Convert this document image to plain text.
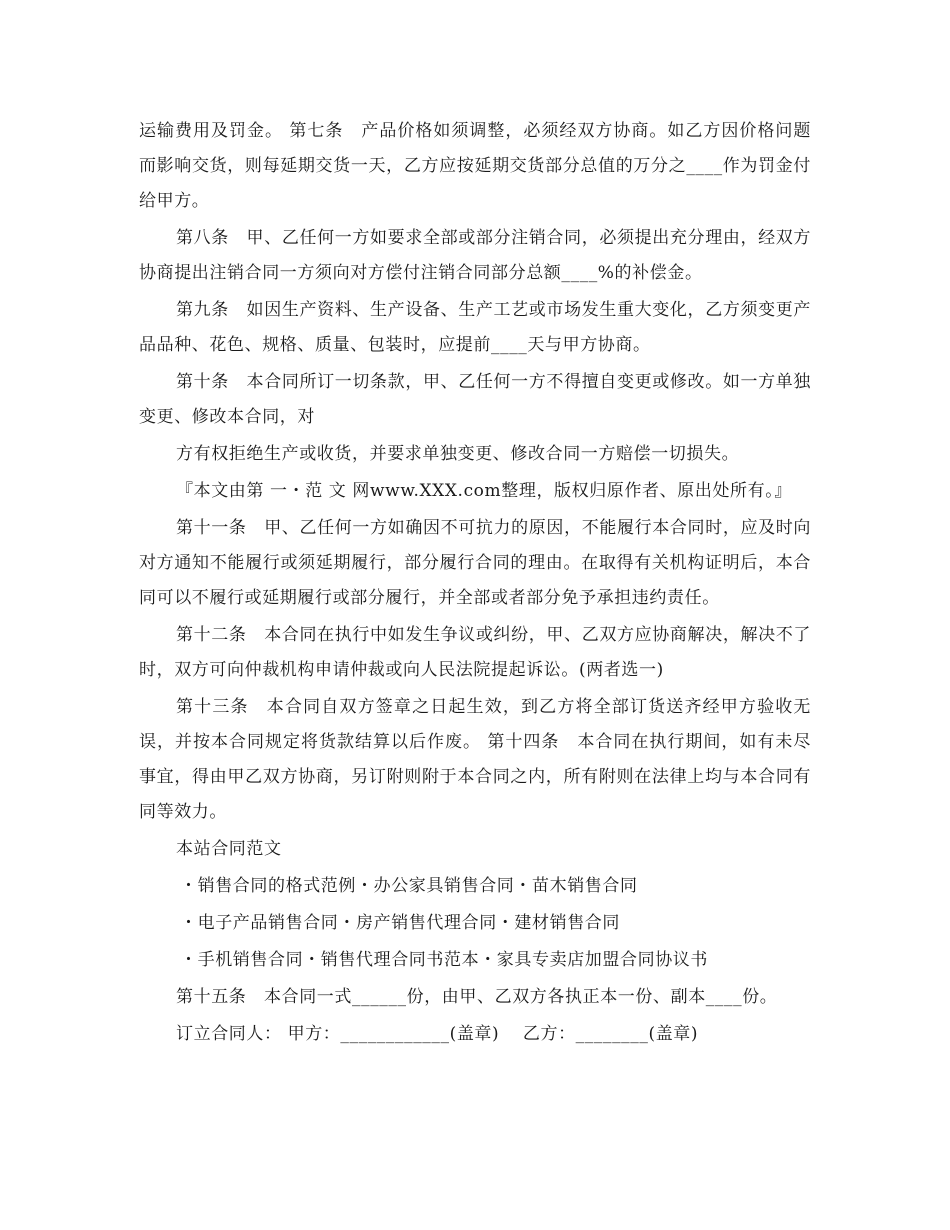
运输费用及罚金。 第七条　产品价格如须调整，必须经双方协商。如乙方因价格问题而影响交货，则每延期交货一天，乙方应按延期交货部分总值的万分之____作为罚金付给甲方。

第八条　甲、乙任何一方如要求全部或部分注销合同，必须提出充分理由，经双方协商提出注销合同一方须向对方偿付注销合同部分总额____%的补偿金。

第九条　如因生产资料、生产设备、生产工艺或市场发生重大变化，乙方须变更产品品种、花色、规格、质量、包装时，应提前____天与甲方协商。

第十条　本合同所订一切条款，甲、乙任何一方不得擅自变更或修改。如一方单独变更、修改本合同，对

方有权拒绝生产或收货，并要求单独变更、修改合同一方赔偿一切损失。

『本文由第 一・范 文 网www.XXX.com整理，版权归原作者、原出处所有。』

第十一条　甲、乙任何一方如确因不可抗力的原因，不能履行本合同时，应及时向对方通知不能履行或须延期履行，部分履行合同的理由。在取得有关机构证明后，本合同可以不履行或延期履行或部分履行，并全部或者部分免予承担违约责任。

第十二条　本合同在执行中如发生争议或纠纷，甲、乙双方应协商解决，解决不了时，双方可向仲裁机构申请仲裁或向人民法院提起诉讼。(两者选一)

第十三条　本合同自双方签章之日起生效，到乙方将全部订货送齐经甲方验收无误，并按本合同规定将货款结算以后作废。 第十四条　本合同在执行期间，如有未尽事宜，得由甲乙双方协商，另订附则附于本合同之内，所有附则在法律上均与本合同有同等效力。

本站合同范文

・销售合同的格式范例・办公家具销售合同・苗木销售合同

・电子产品销售合同・房产销售代理合同・建材销售合同

・手机销售合同・销售代理合同书范本・家具专卖店加盟合同协议书

第十五条　本合同一式______份，由甲、乙双方各执正本一份、副本____份。

订立合同人： 甲方：____________(盖章)　 乙方：________(盖章)
